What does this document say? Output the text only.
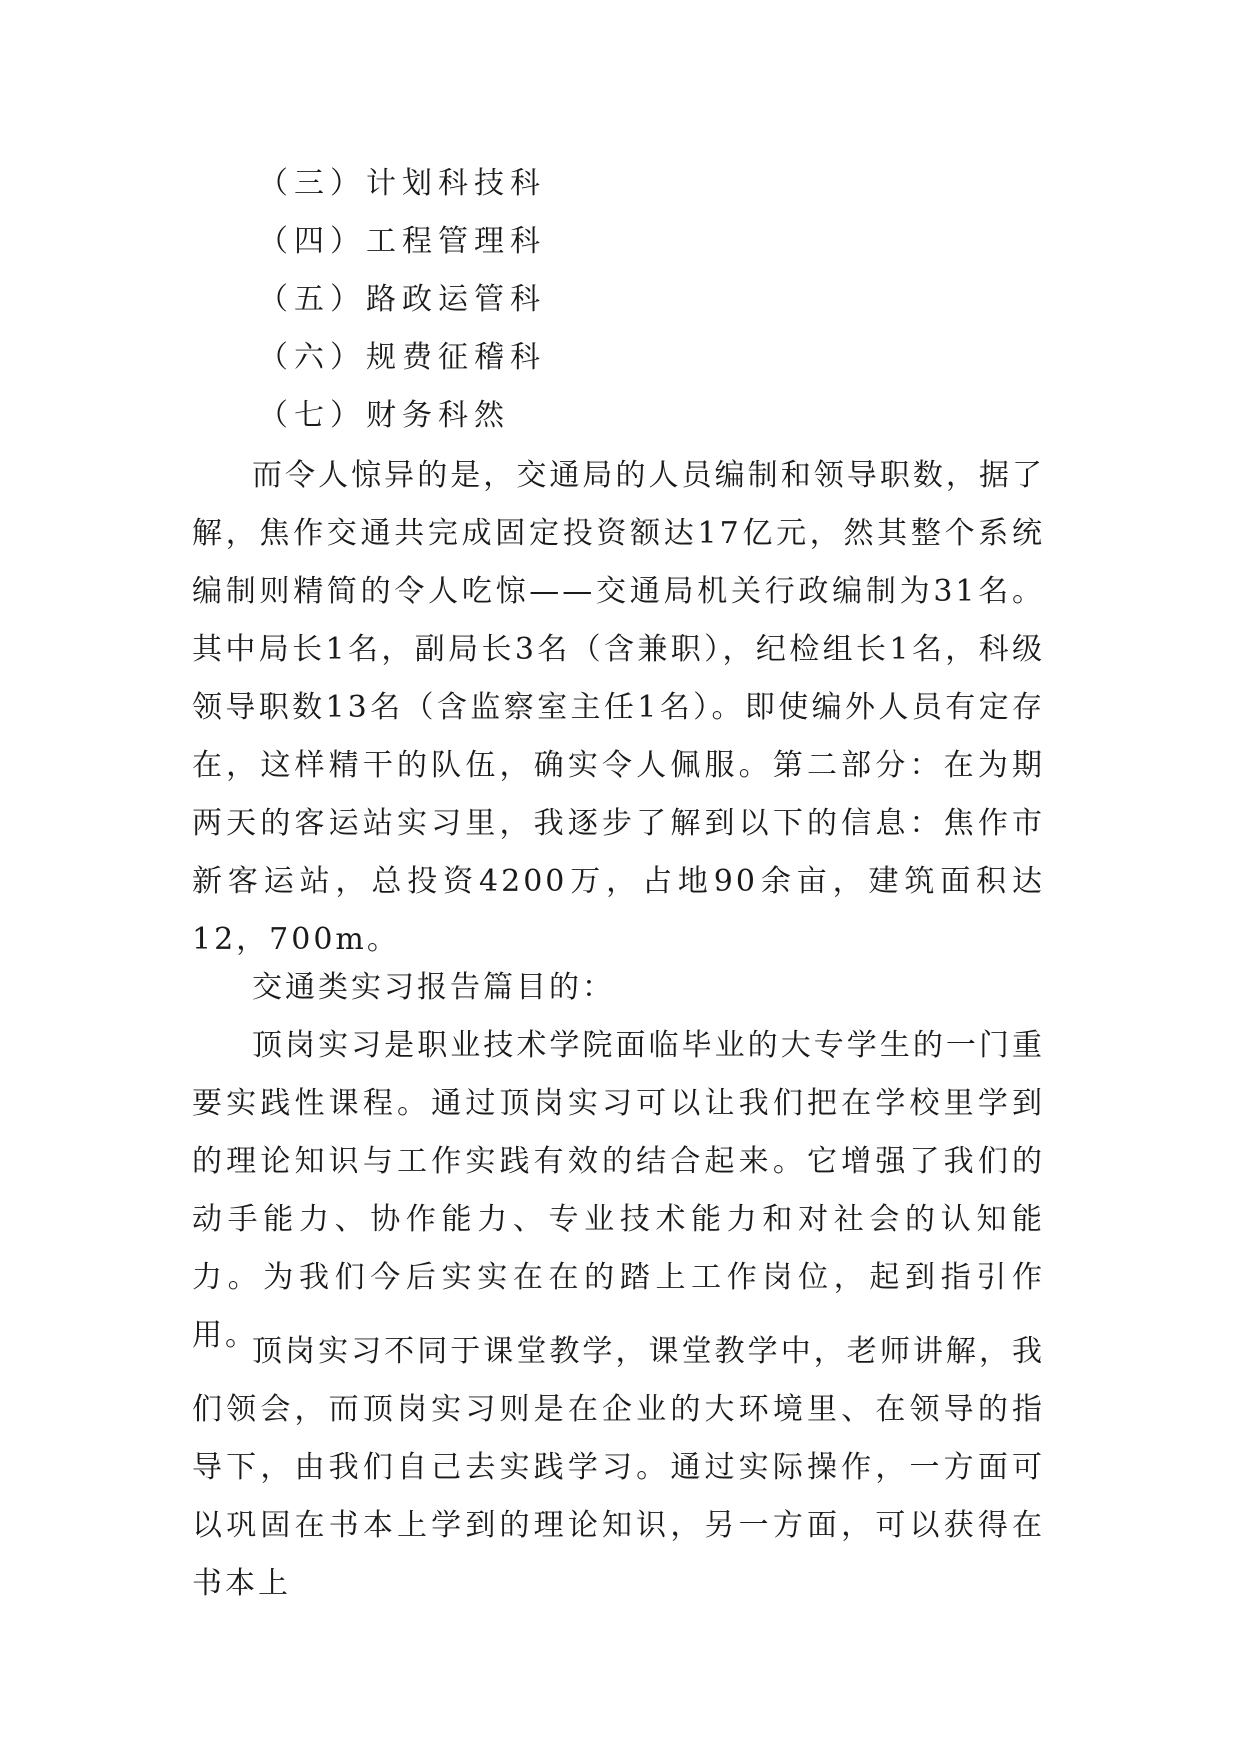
（三）计划科技科
（四）工程管理科
（五）路政运管科
（六）规费征稽科
（七）财务科然

而令人惊异的是，交通局的人员编制和领导职数，据了解，焦作交通共完成固定投资额达17亿元，然其整个系统编制则精简的令人吃惊——交通局机关行政编制为31名。其中局长1名，副局长3名（含兼职），纪检组长1名，科级领导职数13名（含监察室主任1名）。即使编外人员有定存在，这样精干的队伍，确实令人佩服。第二部分：在为期两天的客运站实习里，我逐步了解到以下的信息：焦作市新客运站，总投资4200万，占地90余亩，建筑面积达12，700m。

交通类实习报告篇目的：

顶岗实习是职业技术学院面临毕业的大专学生的一门重要实践性课程。通过顶岗实习可以让我们把在学校里学到的理论知识与工作实践有效的结合起来。它增强了我们的动手能力、协作能力、专业技术能力和对社会的认知能力。为我们今后实实在在的踏上工作岗位，起到指引作用。

顶岗实习不同于课堂教学，课堂教学中，老师讲解，我们领会，而顶岗实习则是在企业的大环境里、在领导的指导下，由我们自己去实践学习。通过实际操作，一方面可以巩固在书本上学到的理论知识，另一方面，可以获得在书本上
